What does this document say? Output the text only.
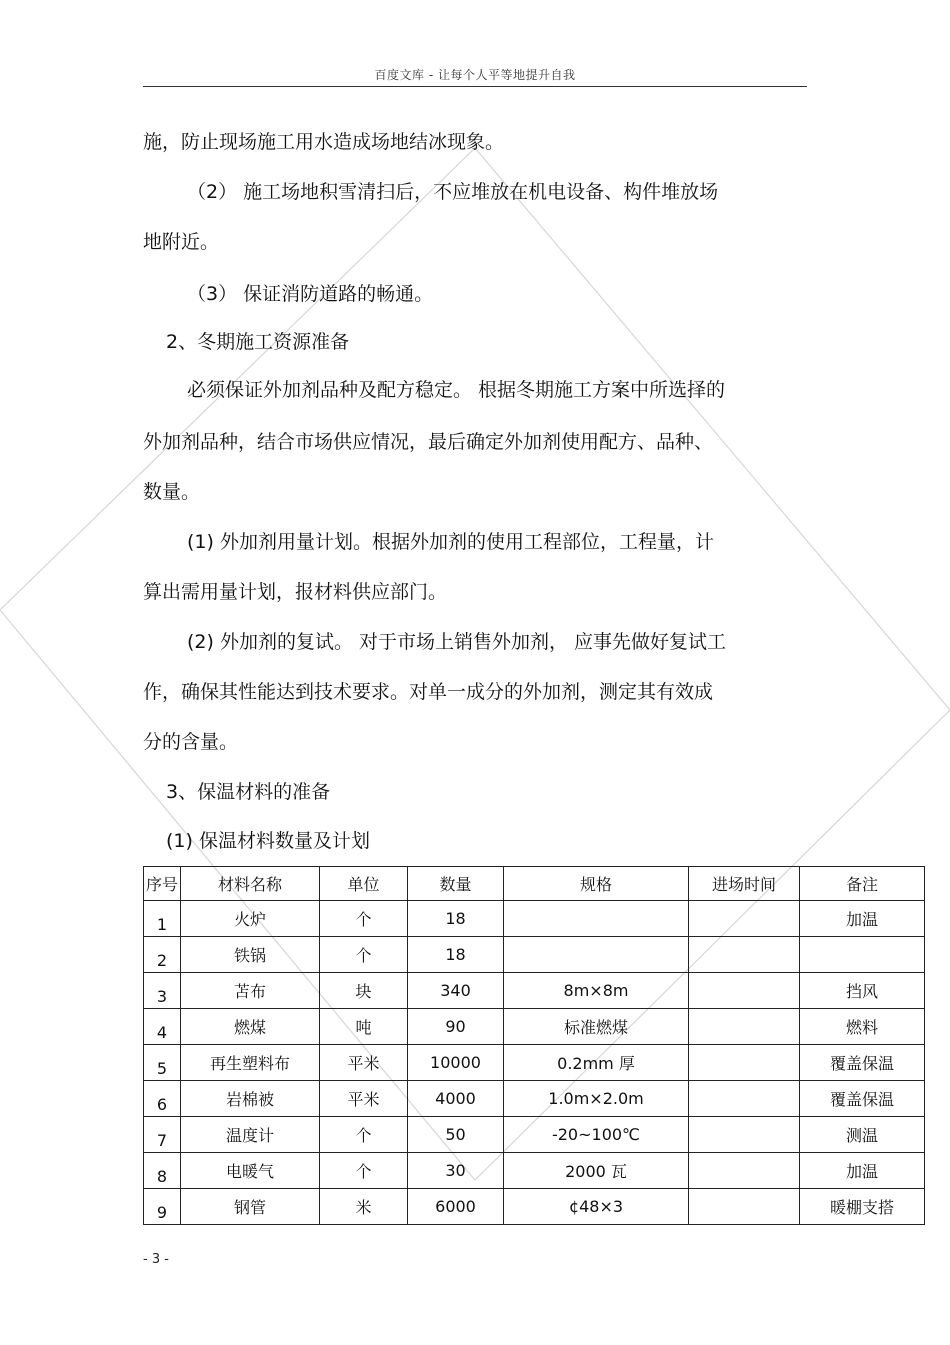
百度文库 - 让每个人平等地提升自我
施，防止现场施工用水造成场地结冰现象。
（2） 施工场地积雪清扫后，不应堆放在机电设备、构件堆放场
地附近。
（3） 保证消防道路的畅通。
2、冬期施工资源准备
必须保证外加剂品种及配方稳定。 根据冬期施工方案中所选择的
外加剂品种，结合市场供应情况，最后确定外加剂使用配方、品种、
数量。
(1) 外加剂用量计划。根据外加剂的使用工程部位，工程量，计
算出需用量计划，报材料供应部门。
(2) 外加剂的复试。 对于市场上销售外加剂， 应事先做好复试工
作，确保其性能达到技术要求。对单一成分的外加剂，测定其有效成
分的含量。
3、保温材料的准备
(1) 保温材料数量及计划
序号	材料名称	单位	数量	规格	进场时间	备注
1	火炉	个	18			加温
2	铁锅	个	18			
3	苫布	块	340	8m×8m		挡风
4	燃煤	吨	90	标准燃煤		燃料
5	再生塑料布	平米	10000	0.2mm 厚		覆盖保温
6	岩棉被	平米	4000	1.0m×2.0m		覆盖保温
7	温度计	个	50	-20~100℃		测温
8	电暖气	个	30	2000 瓦		加温
9	钢管	米	6000	¢48×3		暖棚支搭
- 3 -
